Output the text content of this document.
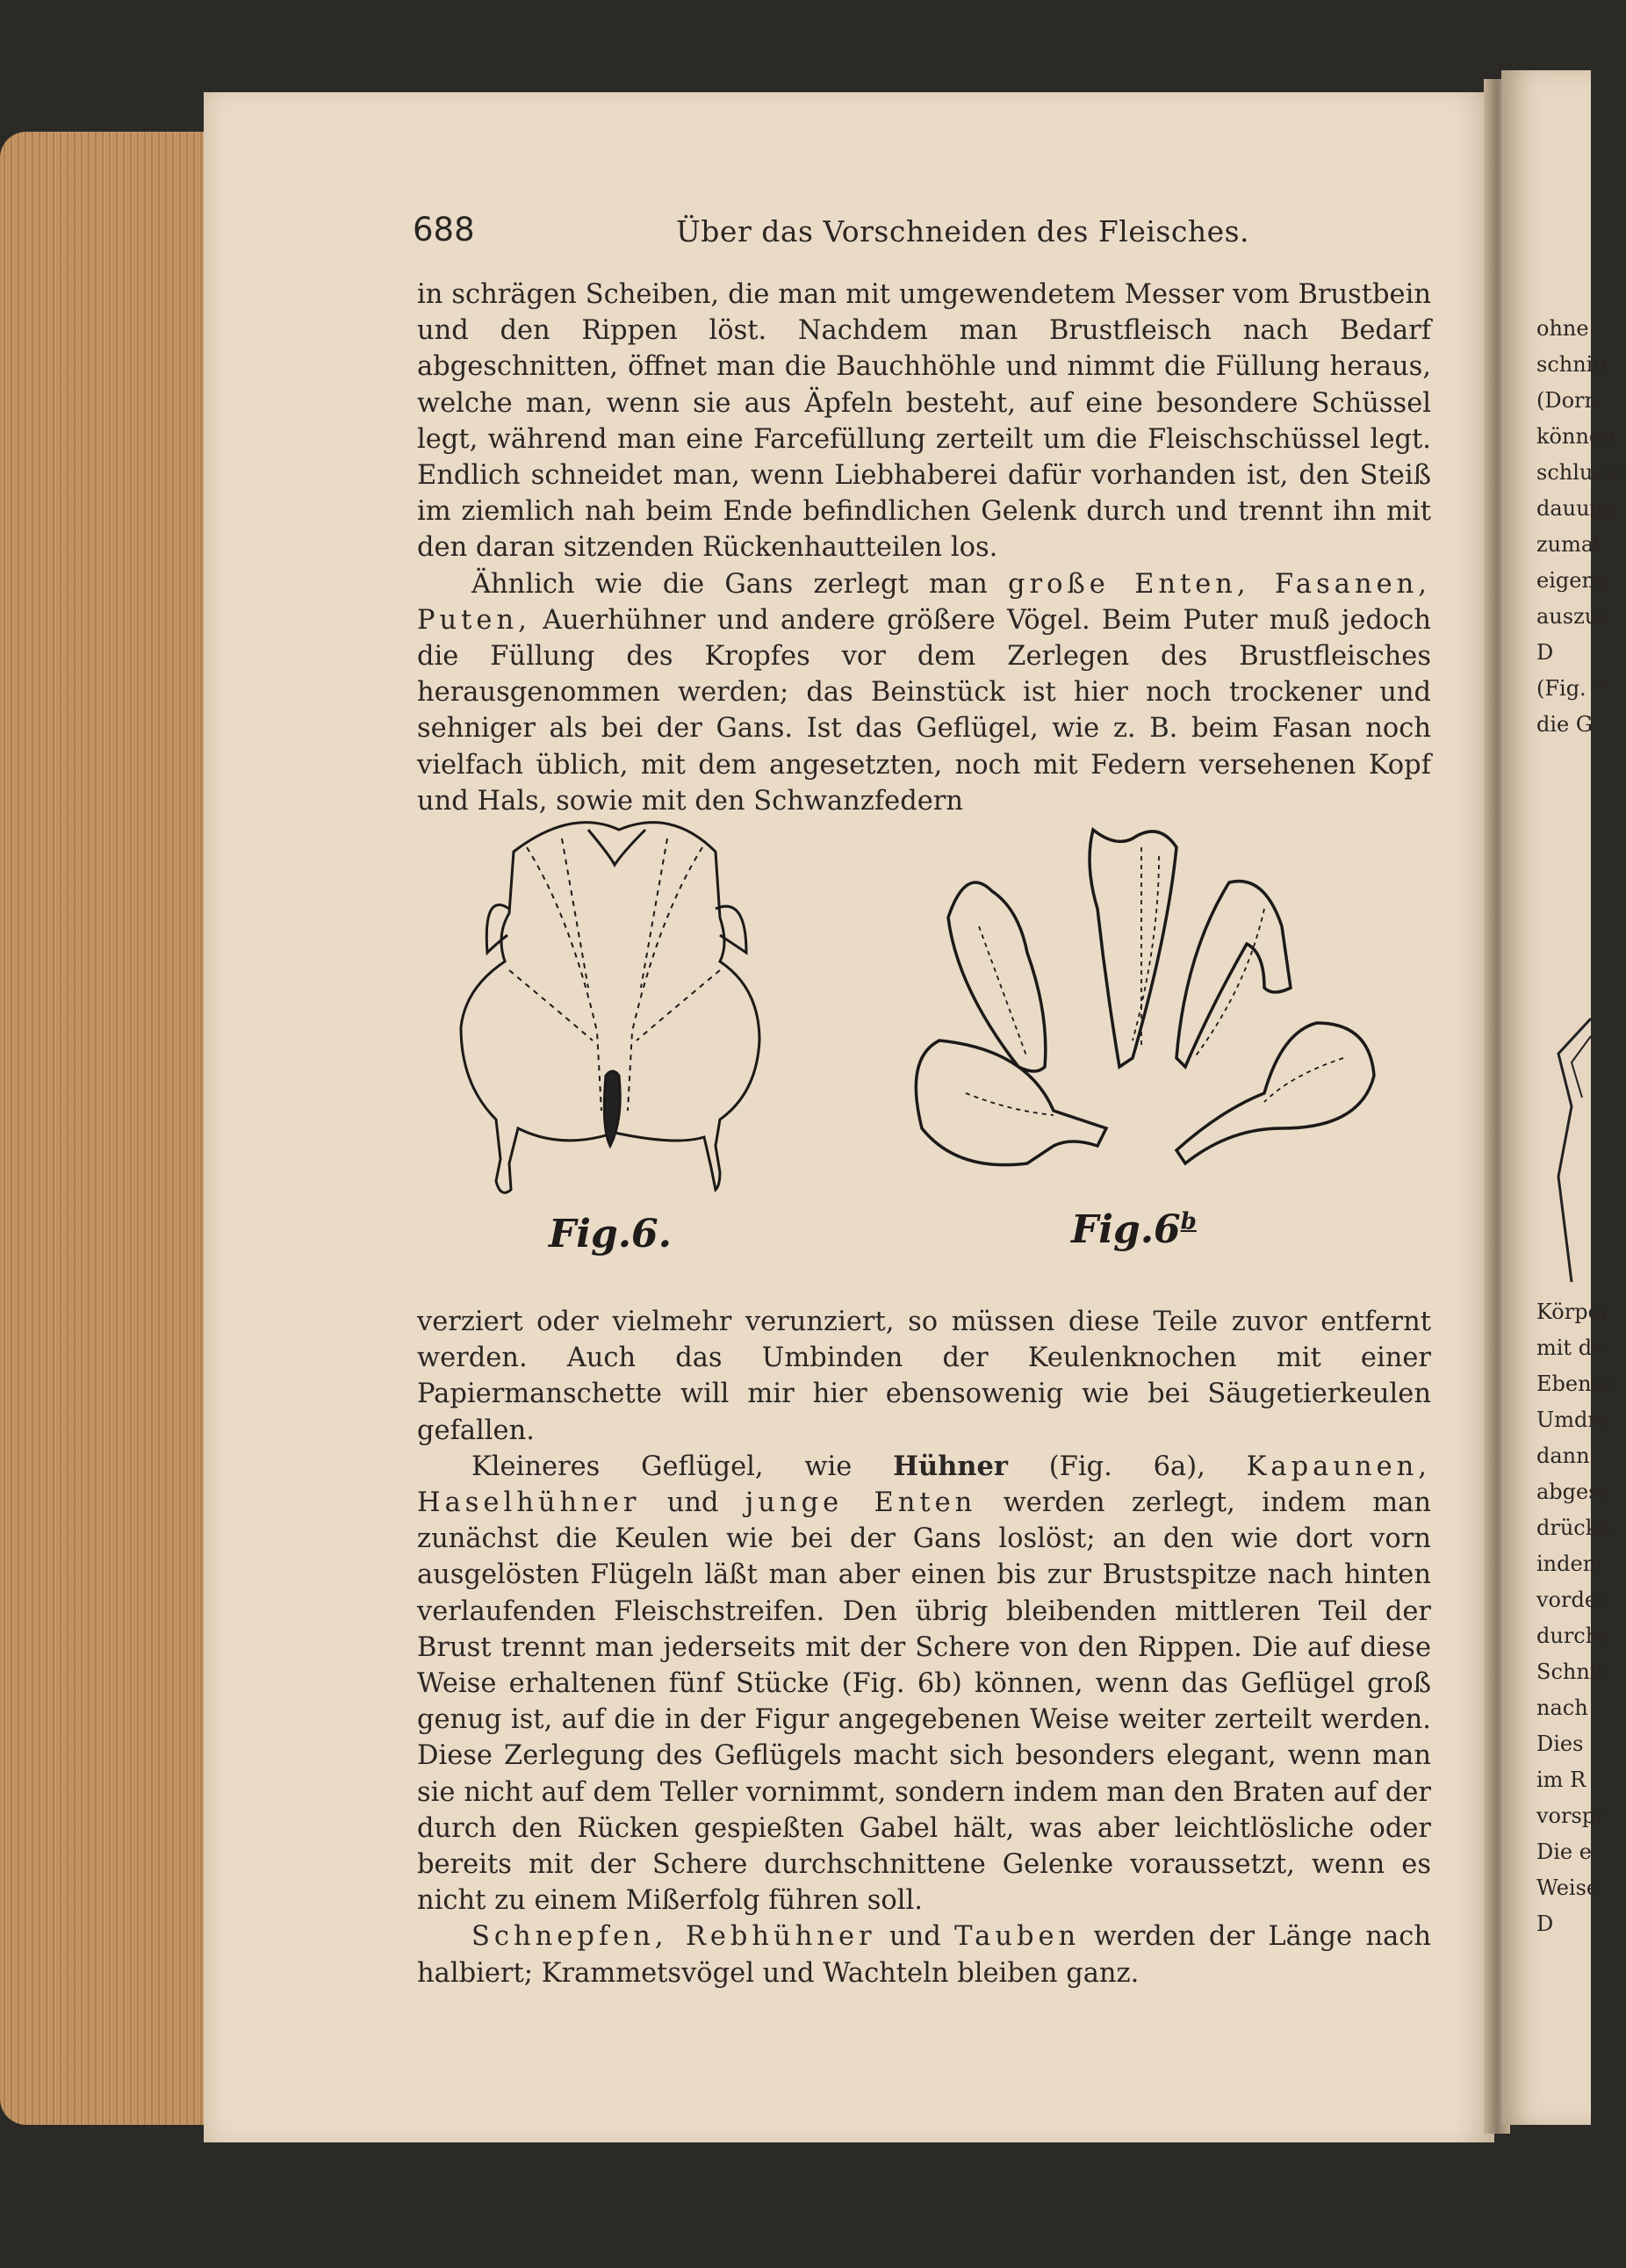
ohne
schnitt
(Dorn
können
schluckt
dauung
zumal
eigentl
auszus
D
(Fig. 7
die G
Körper
mit de
Ebenso
Umdre
dann
abgesc
drückli
indem
vorder
durchs
Schnit
nach
Dies
im R
vorspr
Die e
Weise
D
688	Über das Vorschneiden des Fleisches.

in schrägen Scheiben, die man mit umgewendetem Messer vom Brustbein und den Rippen löst. Nachdem man Brustfleisch nach Bedarf abgeschnitten, öffnet man die Bauchhöhle und nimmt die Füllung heraus, welche man, wenn sie aus Äpfeln besteht, auf eine besondere Schüssel legt, während man eine Farcefüllung zerteilt um die Fleischschüssel legt. Endlich schneidet man, wenn Liebhaberei dafür vorhanden ist, den Steiß im ziemlich nah beim Ende befindlichen Gelenk durch und trennt ihn mit den daran sitzenden Rückenhautteilen los.

Ähnlich wie die Gans zerlegt man große Enten, Fasanen, Puten, Auerhühner und andere größere Vögel. Beim Puter muß jedoch die Füllung des Kropfes vor dem Zerlegen des Brustfleisches herausgenommen werden; das Beinstück ist hier noch trockener und sehniger als bei der Gans. Ist das Geflügel, wie z. B. beim Fasan noch vielfach üblich, mit dem angesetzten, noch mit Federn versehenen Kopf und Hals, sowie mit den Schwanzfedern

Fig.6.	Fig.6$^b$

verziert oder vielmehr verunziert, so müssen diese Teile zuvor entfernt werden. Auch das Umbinden der Keulenknochen mit einer Papiermanschette will mir hier ebensowenig wie bei Säugetierkeulen gefallen.

Kleineres Geflügel, wie Hühner (Fig. 6a), Kapaunen, Haselhühner und junge Enten werden zerlegt, indem man zunächst die Keulen wie bei der Gans loslöst; an den wie dort vorn ausgelösten Flügeln läßt man aber einen bis zur Brustspitze nach hinten verlaufenden Fleischstreifen. Den übrig bleibenden mittleren Teil der Brust trennt man jederseits mit der Schere von den Rippen. Die auf diese Weise erhaltenen fünf Stücke (Fig. 6b) können, wenn das Geflügel groß genug ist, auf die in der Figur angegebenen Weise weiter zerteilt werden. Diese Zerlegung des Geflügels macht sich besonders elegant, wenn man sie nicht auf dem Teller vornimmt, sondern indem man den Braten auf der durch den Rücken gespießten Gabel hält, was aber leichtlösliche oder bereits mit der Schere durchschnittene Gelenke voraussetzt, wenn es nicht zu einem Mißerfolg führen soll.

Schnepfen, Rebhühner und Tauben werden der Länge nach halbiert; Krammetsvögel und Wachteln bleiben ganz.
